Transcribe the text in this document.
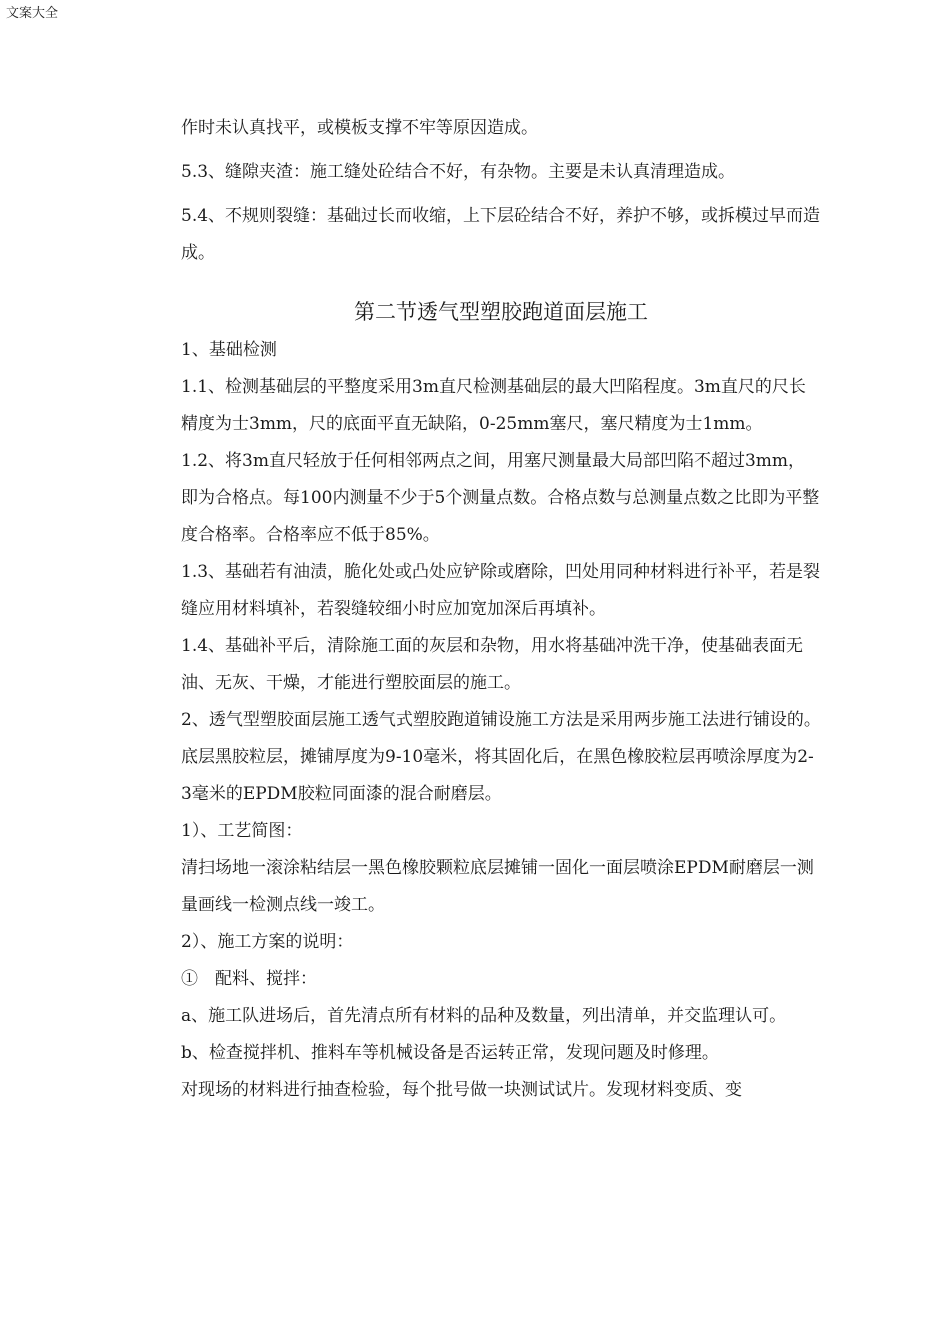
文案大全

作时未认真找平，或模板支撑不牢等原因造成。

5.3、缝隙夹渣：施工缝处砼结合不好，有杂物。主要是未认真清理造成。

5.4、不规则裂缝：基础过长而收缩，上下层砼结合不好，养护不够，或拆模过早而造成。

第二节透气型塑胶跑道面层施工

1、基础检测

1.1、检测基础层的平整度采用3m直尺检测基础层的最大凹陷程度。3m直尺的尺长精度为士3mm，尺的底面平直无缺陷，0-25mm塞尺，塞尺精度为士1mm。

1.2、将3m直尺轻放于任何相邻两点之间，用塞尺测量最大局部凹陷不超过3mm，即为合格点。每100内测量不少于5个测量点数。合格点数与总测量点数之比即为平整度合格率。合格率应不低于85%。

1.3、基础若有油渍，脆化处或凸处应铲除或磨除，凹处用同种材料进行补平，若是裂缝应用材料填补，若裂缝较细小时应加宽加深后再填补。

1.4、基础补平后，清除施工面的灰层和杂物，用水将基础冲洗干净，使基础表面无油、无灰、干燥，才能进行塑胶面层的施工。

2、透气型塑胶面层施工透气式塑胶跑道铺设施工方法是采用两步施工法进行铺设的。底层黑胶粒层，摊铺厚度为9-10毫米，将其固化后，在黑色橡胶粒层再喷涂厚度为2-3毫米的EPDM胶粒同面漆的混合耐磨层。

1）、工艺简图：

清扫场地一滚涂粘结层一黑色橡胶颗粒底层摊铺一固化一面层喷涂EPDM耐磨层一测量画线一检测点线一竣工。

2）、施工方案的说明：

①　配料、搅拌：

a、施工队进场后，首先清点所有材料的品种及数量，列出清单，并交监理认可。

b、检查搅拌机、推料车等机械设备是否运转正常，发现问题及时修理。

对现场的材料进行抽查检验，每个批号做一块测试试片。发现材料变质、变
